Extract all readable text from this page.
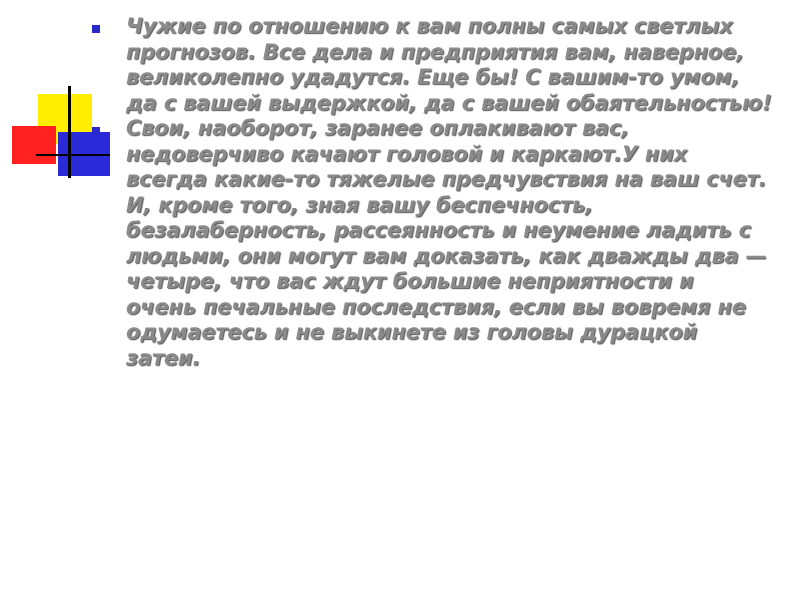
Чужие по отношению к вам полны самых светлых
прогнозов. Все дела и предприятия вам, наверное,
великолепно удадутся. Еще бы! С вашим-то умом,
да с вашей выдержкой, да с вашей обаятельностью!

Свои, наоборот, заранее оплакивают вас,
недоверчиво качают головой и каркают.У них
всегда какие-то тяжелые предчувствия на ваш счет.
И, кроме того, зная вашу беспечность,
безалаберность, рассеянность и неумение ладить с
людьми, они могут вам доказать, как дважды два —
четыре, что вас ждут большие неприятности и
очень печальные последствия, если вы вовремя не
одумаетесь и не выкинете из головы дурацкой
затеи.
